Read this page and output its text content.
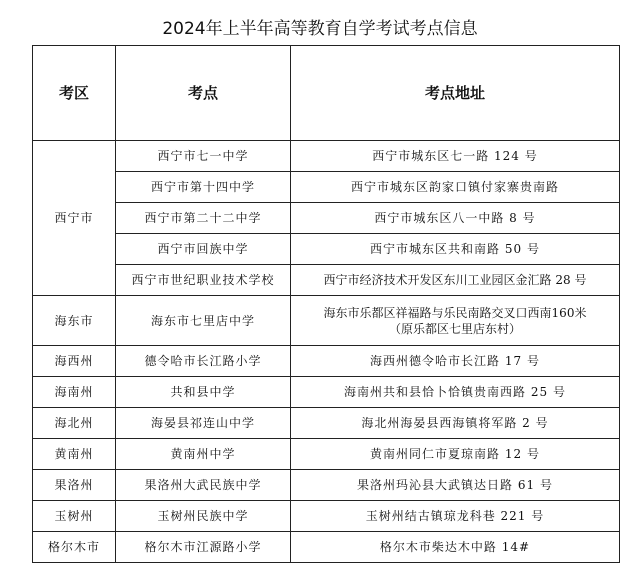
2024年上半年高等教育自学考试考点信息
考区	考点	考点地址
西宁市	西宁市七一中学	西宁市城东区七一路 124 号
	西宁市第十四中学	西宁市城东区韵家口镇付家寨贵南路
	西宁市第二十二中学	西宁市城东区八一中路 8 号
	西宁市回族中学	西宁市城东区共和南路 50 号
	西宁市世纪职业技术学校	西宁市经济技术开发区东川工业园区金汇路 28 号
海东市	海东市七里店中学	海东市乐都区祥福路与乐民南路交叉口西南160米
（原乐都区七里店东村）

海西州	德令哈市长江路小学	海西州德令哈市长江路 17 号
海南州	共和县中学	海南州共和县恰卜恰镇贵南西路 25 号
海北州	海晏县祁连山中学	海北州海晏县西海镇将军路 2 号
黄南州	黄南州中学	黄南州同仁市夏琼南路 12 号
果洛州	果洛州大武民族中学	果洛州玛沁县大武镇达日路 61 号
玉树州	玉树州民族中学	玉树州结古镇琼龙科巷 221 号
格尔木市	格尔木市江源路小学	格尔木市柴达木中路 14#
